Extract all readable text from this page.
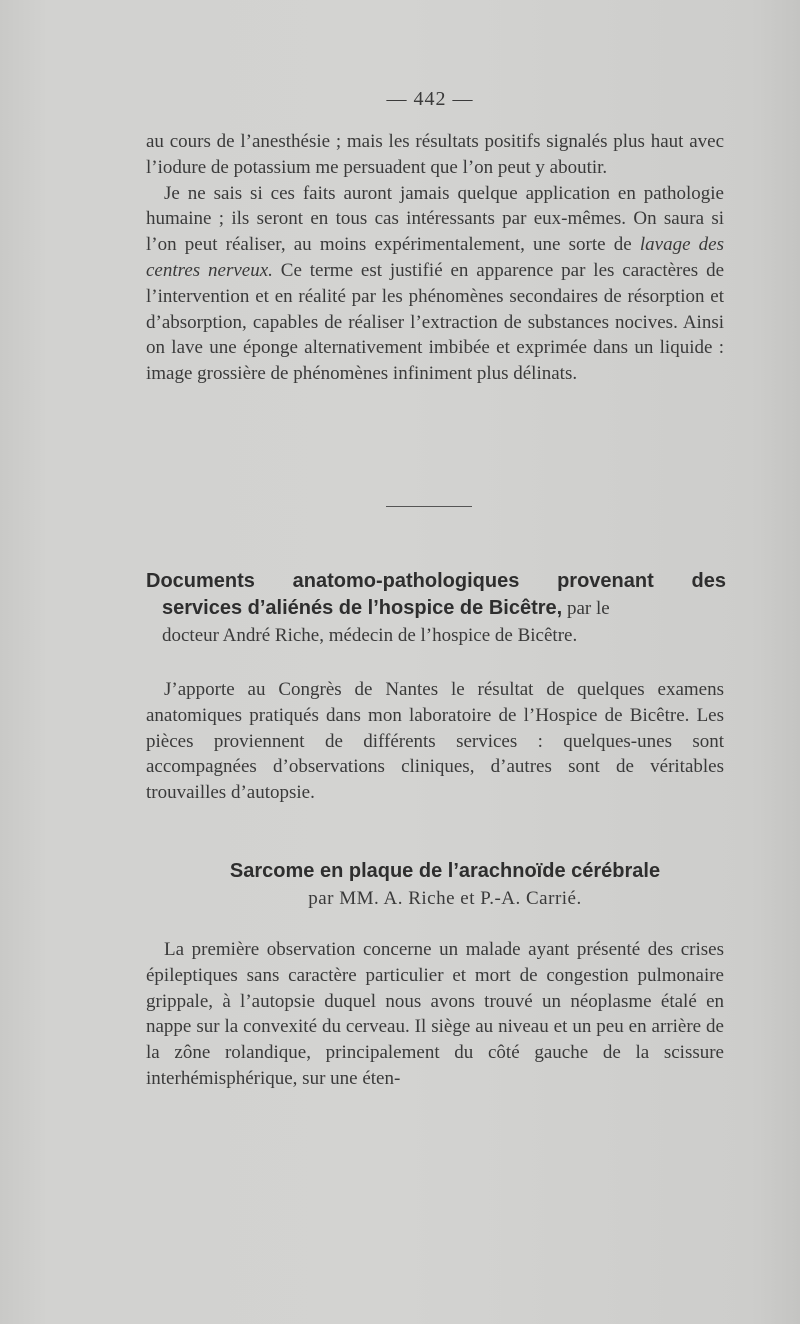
— 442 —

au cours de l’anesthésie ; mais les résultats positifs signalés plus haut avec l’iodure de potassium me persuadent que l’on peut y aboutir.

Je ne sais si ces faits auront jamais quelque application en pathologie humaine ; ils seront en tous cas intéressants par eux-mêmes. On saura si l’on peut réaliser, au moins expérimentalement, une sorte de lavage des centres nerveux. Ce terme est justifié en apparence par les caractères de l’intervention et en réalité par les phénomènes secondaires de résorption et d’absorption, capables de réaliser l’extraction de substances nocives. Ainsi on lave une éponge alternativement imbibée et exprimée dans un liquide : image grossière de phénomènes infiniment plus délinats.

Documents anatomo-pathologiques provenant des
services d’aliénés de l’hospice de Bicêtre, par le
docteur André Riche, médecin de l’hospice de Bicêtre.

J’apporte au Congrès de Nantes le résultat de quelques examens anatomiques pratiqués dans mon laboratoire de l’Hospice de Bicêtre. Les pièces proviennent de différents services : quelques-unes sont accompagnées d’observations cliniques, d’autres sont de véritables trouvailles d’autopsie.

Sarcome en plaque de l’arachnoïde cérébrale
par MM. A. Riche et P.-A. Carrié.

La première observation concerne un malade ayant présenté des crises épileptiques sans caractère particulier et mort de congestion pulmonaire grippale, à l’autopsie duquel nous avons trouvé un néoplasme étalé en nappe sur la convexité du cerveau. Il siège au niveau et un peu en arrière de la zône rolandique, principalement du côté gauche de la scissure interhémisphérique, sur une éten-
